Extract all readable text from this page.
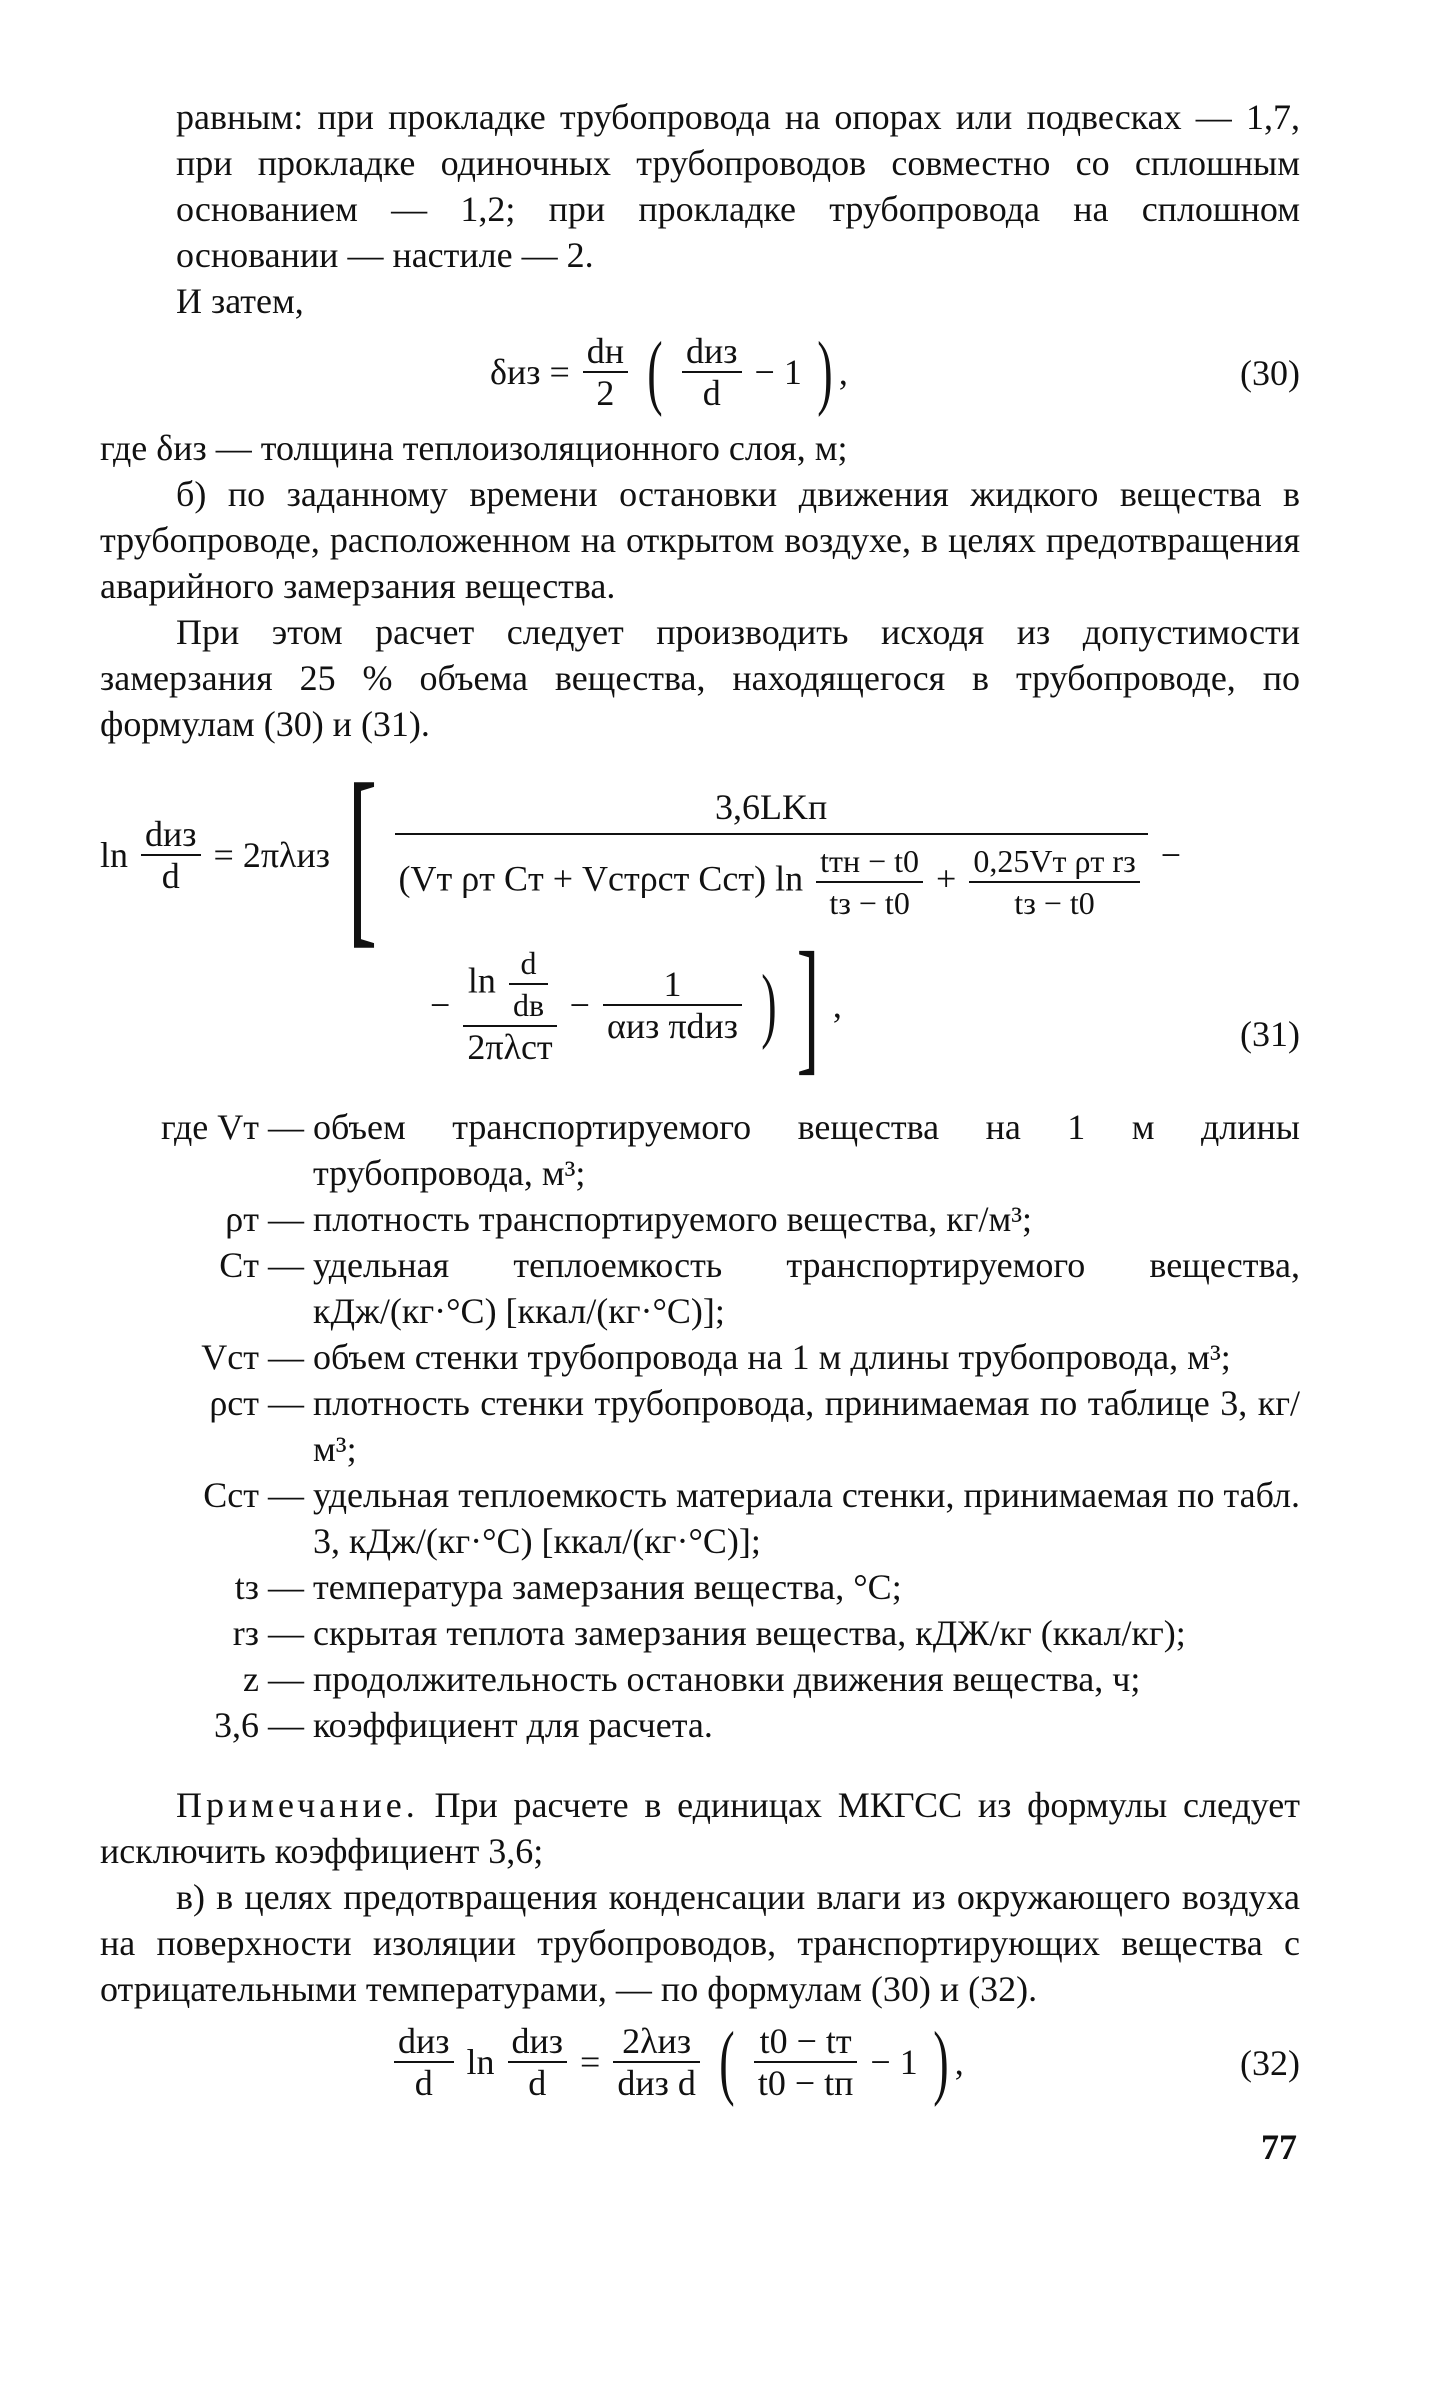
равным: при прокладке трубопровода на опорах или подвесках — 1,7, при прокладке одиночных трубопроводов совместно со сплошным основанием — 1,2; при прокладке трубопровода на сплошном основании — настиле — 2.

И затем,

$\delta из = \frac{dн}{2}$ ( $\frac{\text{dиз}}{d} - 1$ ) ,	(30)

где δиз — толщина теплоизоляционного слоя, м;

б) по заданному времени остановки движения жидкого вещества в трубопроводе, расположенном на открытом воздухе, в целях предотвращения аварийного замерзания вещества.

При этом расчет следует производить исходя из допустимости замерзания 25 % объема вещества, находящегося в трубопроводе, по формулам (30) и (31).

$\ln \frac{\text{dиз}}{d} = 2\pi\lambda из$ [	3,6LKп
(Vт ρт Cт + Vстρст Cст) $\ln \frac{\text{tтн − t0}}{tз - t0} + \frac{\text{0,25Vт ρт rз}}{tз - t0}$ −
− $\frac{\ln \frac{d}{dв}}{\text{2πλст}} - \frac{1}{\text{αиз πdиз}}$ ) ] ,
(31)
где Vт —
объем транспортируемого вещества на 1 м длины трубопровода, м³;
ρт —
плотность транспортируемого вещества, кг/м³;
Cт —
удельная теплоемкость транспортируемого вещества, кДж/(кг·°C) [ккал/(кг·°C)];
Vст —
объем стенки трубопровода на 1 м длины трубопровода, м³;
ρст —
плотность стенки трубопровода, принимаемая по таблице 3, кг/м³;
Cст —
удельная теплоемкость материала стенки, принимаемая по табл. 3, кДж/(кг·°C) [ккал/(кг·°C)];
tз —
температура замерзания вещества, °C;
rз —
скрытая теплота замерзания вещества, кДЖ/кг (ккал/кг);
z —
продолжительность остановки движения вещества, ч;
3,6 —
коэффициент для расчета.

Примечание. При расчете в единицах МКГСС из формулы следует исключить коэффициент 3,6;

в) в целях предотвращения конденсации влаги из окружающего воздуха на поверхности изоляции трубопроводов, транспортирующих вещества с отрицательными температурами, — по формулам (30) и (32).

$\frac{\text{dиз}}{d}$ $\ln \frac{\text{dиз}}{d} = \frac{\text{2λиз}}{\text{dиз d}}$ ( $\frac{t0 - tт}{t0 - tп} - 1$ ) ,	(32)
77
